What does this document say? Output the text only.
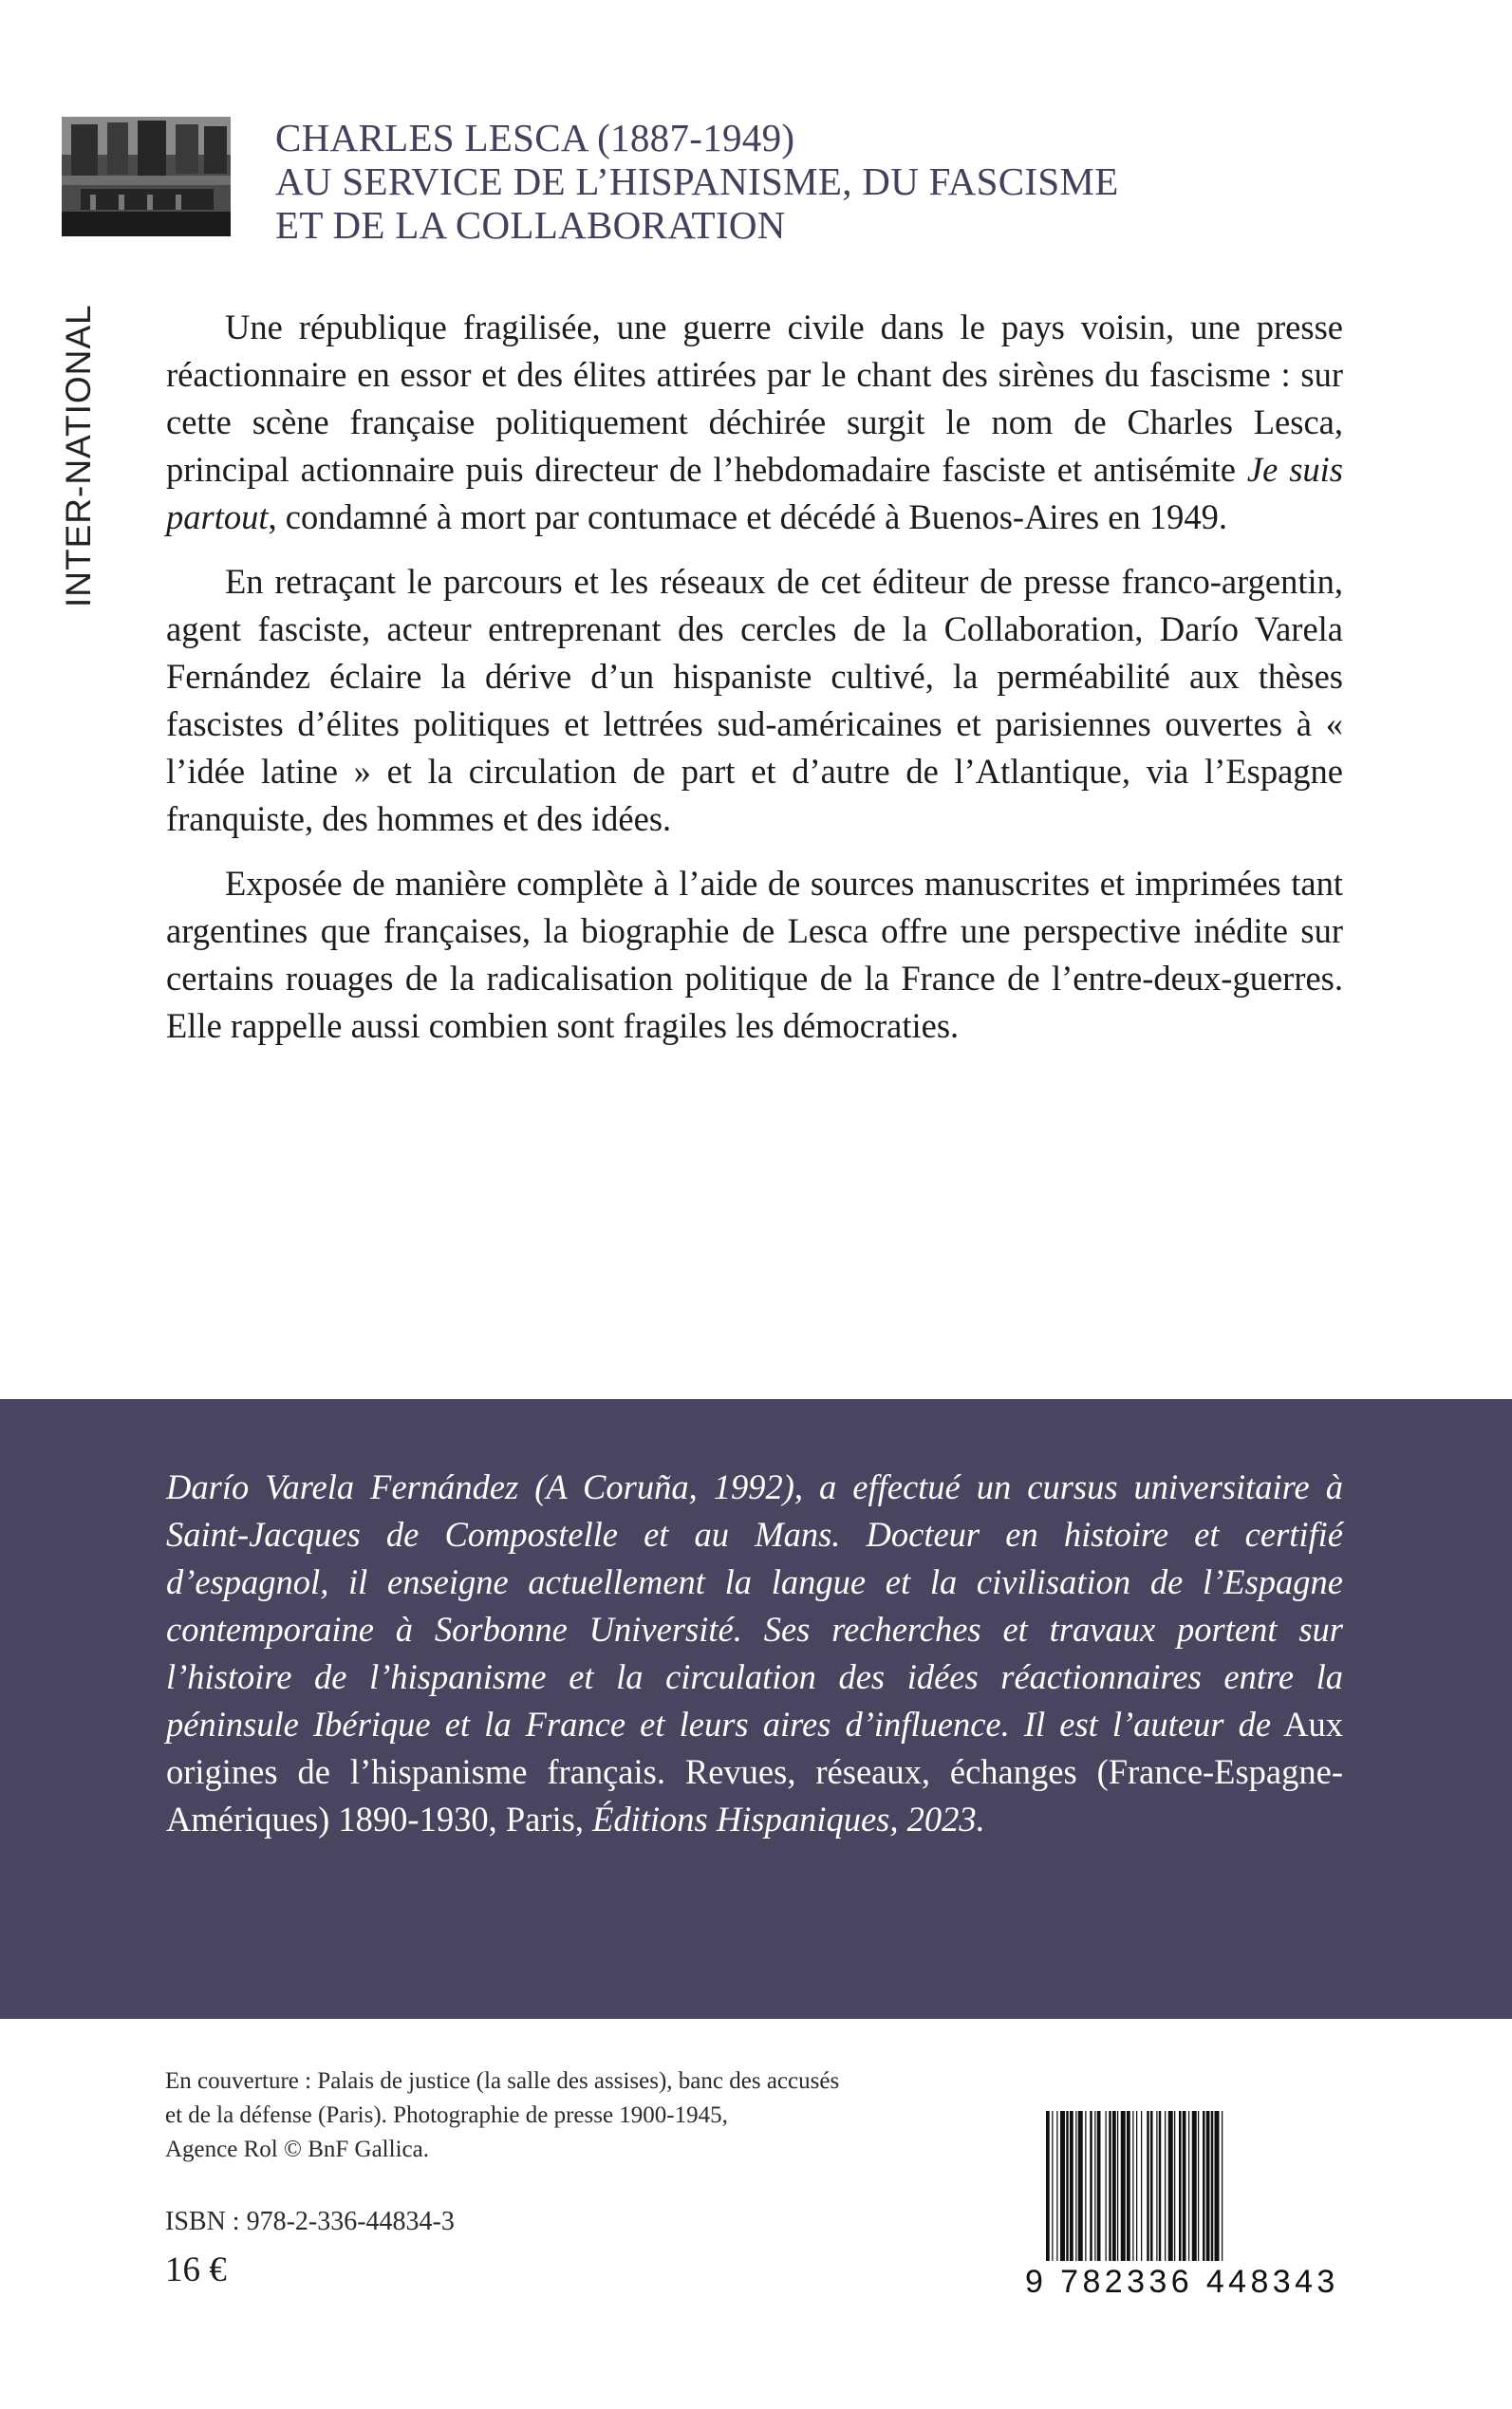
INTER-NATIONAL
CHARLES LESCA (1887-1949)
AU SERVICE DE L’HISPANISME, DU FASCISME
ET DE LA COLLABORATION

Une république fragilisée, une guerre civile dans le pays voisin, une presse réactionnaire en essor et des élites attirées par le chant des sirènes du fascisme : sur cette scène française politiquement déchirée surgit le nom de Charles Lesca, principal actionnaire puis directeur de l’hebdomadaire fasciste et antisémite Je suis partout, condamné à mort par contumace et décédé à Buenos-Aires en 1949.

En retraçant le parcours et les réseaux de cet éditeur de presse franco-argentin, agent fasciste, acteur entreprenant des cercles de la Collaboration, Darío Varela Fernández éclaire la dérive d’un hispaniste cultivé, la perméabilité aux thèses fascistes d’élites politiques et lettrées sud-américaines et parisiennes ouvertes à « l’idée latine » et la circulation de part et d’autre de l’Atlantique, via l’Espagne franquiste, des hommes et des idées.

Exposée de manière complète à l’aide de sources manuscrites et imprimées tant argentines que françaises, la biographie de Lesca offre une perspective inédite sur certains rouages de la radicalisation politique de la France de l’entre-deux-guerres. Elle rappelle aussi combien sont fragiles les démocraties.

Darío Varela Fernández (A Coruña, 1992), a effectué un cursus universitaire à Saint-Jacques de Compostelle et au Mans. Docteur en histoire et certifié d’espagnol, il enseigne actuellement la langue et la civilisation de l’Espagne contemporaine à Sorbonne Université. Ses recherches et travaux portent sur l’histoire de l’hispanisme et la circulation des idées réactionnaires entre la péninsule Ibérique et la France et leurs aires d’influence. Il est l’auteur de Aux origines de l’hispanisme français. Revues, réseaux, échanges (France-Espagne-Amériques) 1890-1930, Paris, Éditions Hispaniques, 2023.
En couverture : Palais de justice (la salle des assises), banc des accusés
et de la défense (Paris). Photographie de presse 1900-1945,
Agence Rol © BnF Gallica.
ISBN : 978-2-336-44834-3
16 €	9 782336 448343
